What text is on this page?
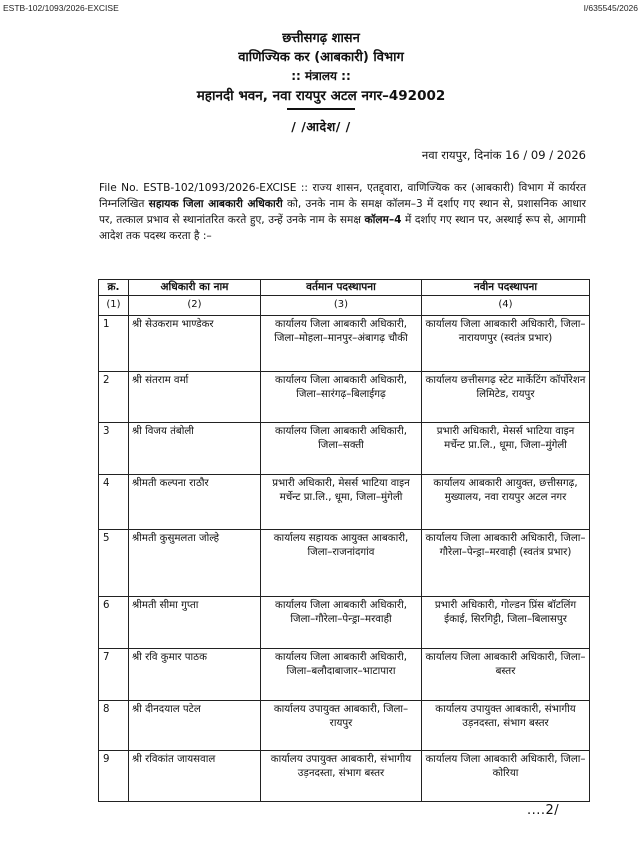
ESTB-102/1093/2026-EXCISE	I/635545/2026
छत्तीसगढ़ शासन
वाणिज्यिक कर (आबकारी) विभाग
:: मंत्रालय ::
महानदी भवन, नवा रायपुर अटल नगर–492002
/ /आदेश/ /
नवा रायपुर, दिनांक 16 / 09 / 2026
File No. ESTB-102/1093/2026-EXCISE :: राज्य शासन, एतद्द्वारा, वाणिज्यिक कर (आबकारी) विभाग में कार्यरत निम्नलिखित सहायक जिला आबकारी अधिकारी को, उनके नाम के समक्ष कॉलम–3 में दर्शाए गए स्थान से, प्रशासनिक आधार पर, तत्काल प्रभाव से स्थानांतरित करते हुए, उन्हें उनके नाम के समक्ष कॉलम–4 में दर्शाए गए स्थान पर, अस्थाई रूप से, आगामी आदेश तक पदस्थ करता है :–
क्र.	अधिकारी का नाम	वर्तमान पदस्थापना	नवीन पदस्थापना
(1)	(2)	(3)	(4)
1	श्री सेउकराम भाण्डेकर	कार्यालय जिला आबकारी अधिकारी, जिला–मोहला–मानपुर–अंबागढ़ चौकी	कार्यालय जिला आबकारी अधिकारी, जिला–नारायणपुर (स्वतंत्र प्रभार)
2	श्री संतराम वर्मा	कार्यालय जिला आबकारी अधिकारी, जिला–सारंगढ़–बिलाईगढ़	कार्यालय छत्तीसगढ़ स्टेट मार्केटिंग कॉर्पोरेशन लिमिटेड, रायपुर
3	श्री विजय तंबोली	कार्यालय जिला आबकारी अधिकारी, जिला–सक्ती	प्रभारी अधिकारी, मेसर्स भाटिया वाइन मर्चेन्ट प्रा.लि., धूमा, जिला–मुंगेली
4	श्रीमती कल्पना राठौर	प्रभारी अधिकारी, मेसर्स भाटिया वाइन मर्चेन्ट प्रा.लि., धूमा, जिला–मुंगेली	कार्यालय आबकारी आयुक्त, छत्तीसगढ़, मुख्यालय, नवा रायपुर अटल नगर
5	श्रीमती कुसुमलता जोल्हे	कार्यालय सहायक आयुक्त आबकारी, जिला–राजनांदगांव	कार्यालय जिला आबकारी अधिकारी, जिला–गौरेला–पेन्ड्रा–मरवाही (स्वतंत्र प्रभार)
6	श्रीमती सीमा गुप्ता	कार्यालय जिला आबकारी अधिकारी, जिला–गौरेला–पेन्ड्रा–मरवाही	प्रभारी अधिकारी, गोल्डन प्रिंस बॉटलिंग ईकाई, सिरगिट्टी, जिला–बिलासपुर
7	श्री रवि कुमार पाठक	कार्यालय जिला आबकारी अधिकारी, जिला–बलौदाबाजार–भाटापारा	कार्यालय जिला आबकारी अधिकारी, जिला–बस्तर
8	श्री दीनदयाल पटेल	कार्यालय उपायुक्त आबकारी, जिला–रायपुर	कार्यालय उपायुक्त आबकारी, संभागीय उड़नदस्ता, संभाग बस्तर
9	श्री रविकांत जायसवाल	कार्यालय उपायुक्त आबकारी, संभागीय उड़नदस्ता, संभाग बस्तर	कार्यालय जिला आबकारी अधिकारी, जिला–कोरिया
....2/
